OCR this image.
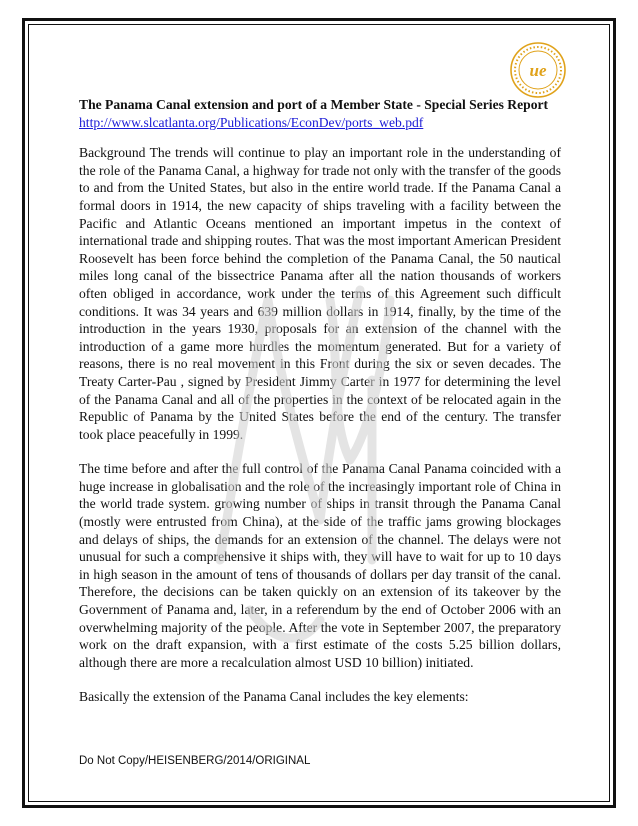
ue

The Panama Canal extension and port of a Member State - Special Series Report

http://www.slcatlanta.org/Publications/EconDev/ports_web.pdf

Background The trends will continue to play an important role in the understanding of the role of the Panama Canal, a highway for trade not only with the transfer of the goods to and from the United States, but also in the entire world trade. If the Panama Canal a formal doors in 1914, the new capacity of ships traveling with a facility between the Pacific and Atlantic Oceans mentioned an important impetus in the context of international trade and shipping routes. That was the most important American President Roosevelt has been force behind the completion of the Panama Canal, the 50 nautical miles long canal of the bissectrice Panama after all the nation thousands of workers often obliged in accordance, work under the terms of this Agreement such difficult conditions. It was 34 years and 639 million dollars in 1914, finally, by the time of the introduction in the years 1930, proposals for an extension of the channel with the introduction of a game more hurdles the momentum generated. But for a variety of reasons, there is no real movement in this Front during the six or seven decades. The Treaty Carter-Pau , signed by President Jimmy Carter in 1977 for determining the level of the Panama Canal and all of the properties in the context of be relocated again in the Republic of Panama by the United States before the end of the century. The transfer took place peacefully in 1999.

The time before and after the full control of the Panama Canal Panama coincided with a huge increase in globalisation and the role of the increasingly important role of China in the world trade system. growing number of ships in transit through the Panama Canal (mostly were entrusted from China), at the side of the traffic jams growing blockages and delays of ships, the demands for an extension of the channel. The delays were not unusual for such a comprehensive it ships with, they will have to wait for up to 10 days in high season in the amount of tens of thousands of dollars per day transit of the canal. Therefore, the decisions can be taken quickly on an extension of its takeover by the Government of Panama and, later, in a referendum by the end of October 2006 with an overwhelming majority of the people. After the vote in September 2007, the preparatory work on the draft expansion, with a first estimate of the costs 5.25 billion dollars, although there are more a recalculation almost USD 10 billion) initiated.

Basically the extension of the Panama Canal includes the key elements:

Do Not Copy/HEISENBERG/2014/ORIGINAL
